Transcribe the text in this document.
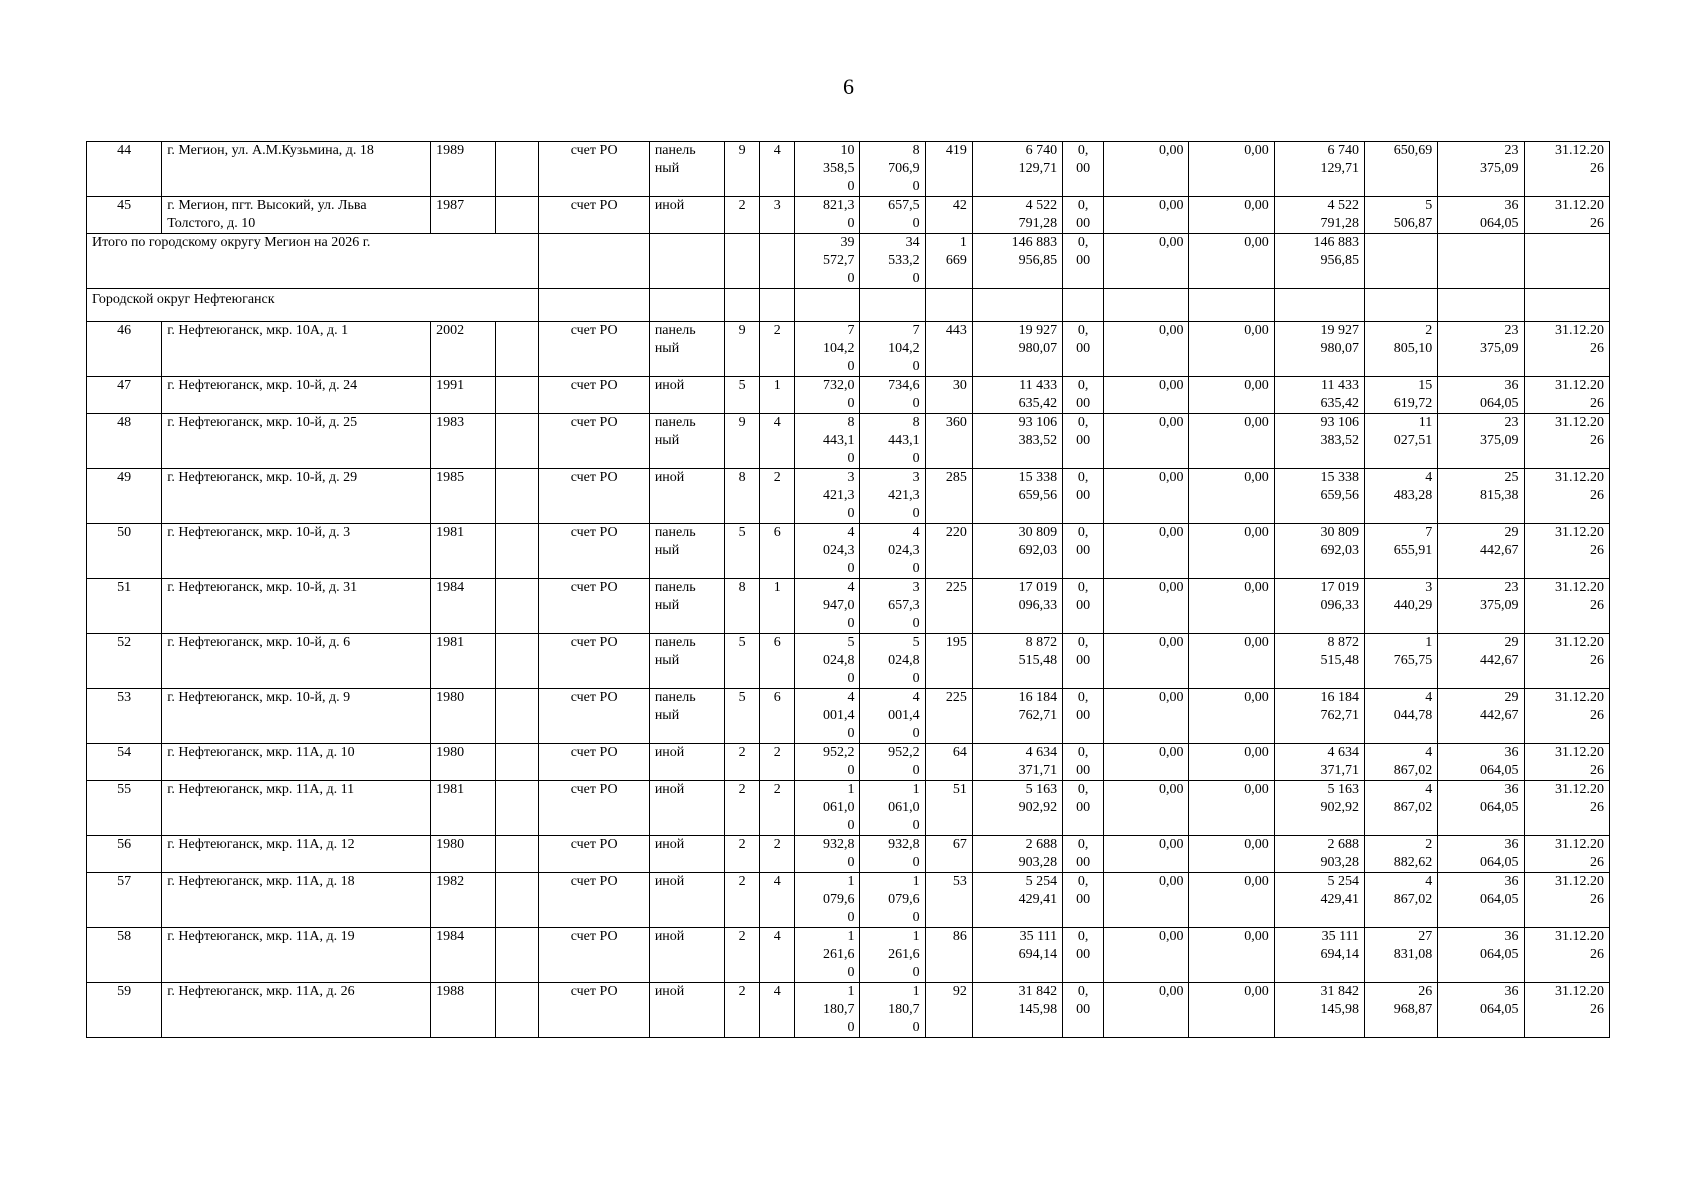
6
44	г. Мегион, ул. А.М.Кузьмина, д. 18	1989		счет РО	панель
ный	9	4	10
358,5
0	8
706,9
0	419	6 740
129,71	0,
00	0,00	0,00	6 740
129,71	650,69	23
375,09	31.12.20
26
45	г. Мегион, пгт. Высокий, ул. Льва
Толстого, д. 10	1987		счет РО	иной	2	3	821,3
0	657,5
0	42	4 522
791,28	0,
00	0,00	0,00	4 522
791,28	5
506,87	36
064,05	31.12.20
26
Итого по городскому округу Мегион на 2026 г.								39
572,7
0	34
533,2
0	1
669	146 883
956,85	0,
00	0,00	0,00	146 883
956,85			
Городской округ Нефтеюганск																		
46	г. Нефтеюганск, мкр. 10А, д. 1	2002		счет РО	панель
ный	9	2	7
104,2
0	7
104,2
0	443	19 927
980,07	0,
00	0,00	0,00	19 927
980,07	2
805,10	23
375,09	31.12.20
26
47	г. Нефтеюганск, мкр. 10-й, д. 24	1991		счет РО	иной	5	1	732,0
0	734,6
0	30	11 433
635,42	0,
00	0,00	0,00	11 433
635,42	15
619,72	36
064,05	31.12.20
26
48	г. Нефтеюганск, мкр. 10-й, д. 25	1983		счет РО	панель
ный	9	4	8
443,1
0	8
443,1
0	360	93 106
383,52	0,
00	0,00	0,00	93 106
383,52	11
027,51	23
375,09	31.12.20
26
49	г. Нефтеюганск, мкр. 10-й, д. 29	1985		счет РО	иной	8	2	3
421,3
0	3
421,3
0	285	15 338
659,56	0,
00	0,00	0,00	15 338
659,56	4
483,28	25
815,38	31.12.20
26
50	г. Нефтеюганск, мкр. 10-й, д. 3	1981		счет РО	панель
ный	5	6	4
024,3
0	4
024,3
0	220	30 809
692,03	0,
00	0,00	0,00	30 809
692,03	7
655,91	29
442,67	31.12.20
26
51	г. Нефтеюганск, мкр. 10-й, д. 31	1984		счет РО	панель
ный	8	1	4
947,0
0	3
657,3
0	225	17 019
096,33	0,
00	0,00	0,00	17 019
096,33	3
440,29	23
375,09	31.12.20
26
52	г. Нефтеюганск, мкр. 10-й, д. 6	1981		счет РО	панель
ный	5	6	5
024,8
0	5
024,8
0	195	8 872
515,48	0,
00	0,00	0,00	8 872
515,48	1
765,75	29
442,67	31.12.20
26
53	г. Нефтеюганск, мкр. 10-й, д. 9	1980		счет РО	панель
ный	5	6	4
001,4
0	4
001,4
0	225	16 184
762,71	0,
00	0,00	0,00	16 184
762,71	4
044,78	29
442,67	31.12.20
26
54	г. Нефтеюганск, мкр. 11А, д. 10	1980		счет РО	иной	2	2	952,2
0	952,2
0	64	4 634
371,71	0,
00	0,00	0,00	4 634
371,71	4
867,02	36
064,05	31.12.20
26
55	г. Нефтеюганск, мкр. 11А, д. 11	1981		счет РО	иной	2	2	1
061,0
0	1
061,0
0	51	5 163
902,92	0,
00	0,00	0,00	5 163
902,92	4
867,02	36
064,05	31.12.20
26
56	г. Нефтеюганск, мкр. 11А, д. 12	1980		счет РО	иной	2	2	932,8
0	932,8
0	67	2 688
903,28	0,
00	0,00	0,00	2 688
903,28	2
882,62	36
064,05	31.12.20
26
57	г. Нефтеюганск, мкр. 11А, д. 18	1982		счет РО	иной	2	4	1
079,6
0	1
079,6
0	53	5 254
429,41	0,
00	0,00	0,00	5 254
429,41	4
867,02	36
064,05	31.12.20
26
58	г. Нефтеюганск, мкр. 11А, д. 19	1984		счет РО	иной	2	4	1
261,6
0	1
261,6
0	86	35 111
694,14	0,
00	0,00	0,00	35 111
694,14	27
831,08	36
064,05	31.12.20
26
59	г. Нефтеюганск, мкр. 11А, д. 26	1988		счет РО	иной	2	4	1
180,7
0	1
180,7
0	92	31 842
145,98	0,
00	0,00	0,00	31 842
145,98	26
968,87	36
064,05	31.12.20
26
